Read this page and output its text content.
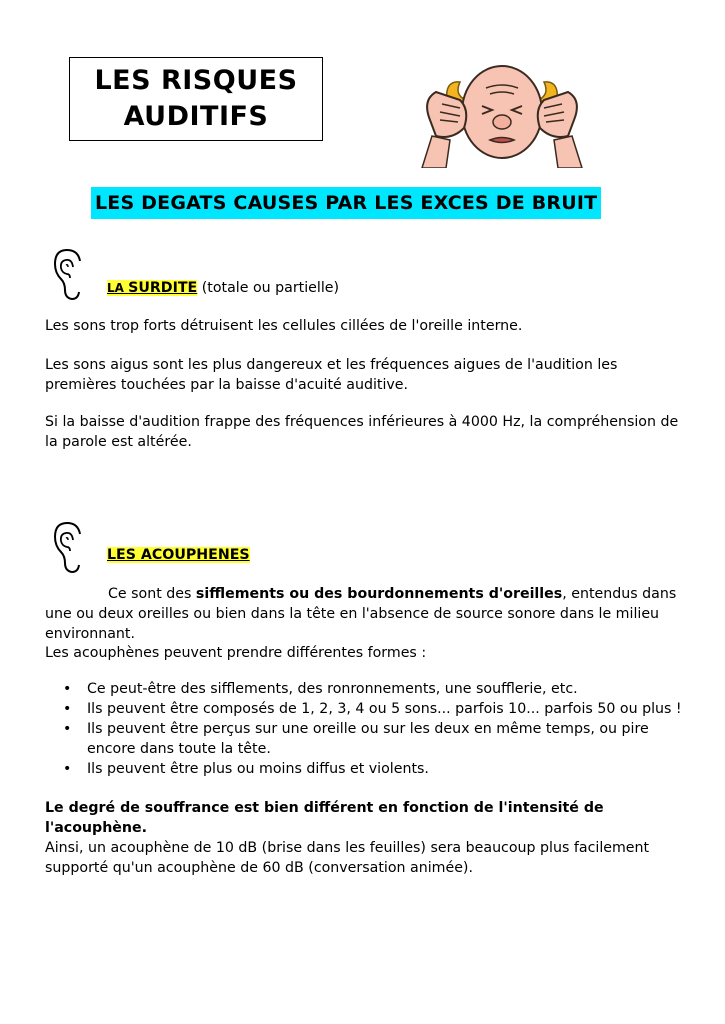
LES RISQUES
AUDITIFS
LES DEGATS CAUSES PAR LES EXCES DE BRUIT
LA SURDITE (totale ou partielle)
Les sons trop forts détruisent les cellules cillées de l'oreille interne.
Les sons aigus sont les plus dangereux et les fréquences aigues de l'audition les premières touchées par la baisse d'acuité auditive.
Si la baisse d'audition frappe des fréquences inférieures à 4000 Hz, la compréhension de la parole est altérée.
LES ACOUPHENES
Ce sont des sifflements ou des bourdonnements d'oreilles, entendus dans une ou deux oreilles ou bien dans la tête en l'absence de source sonore dans le milieu environnant.
Les acouphènes peuvent prendre différentes formes :
• Ce peut-être des sifflements, des ronronnements, une soufflerie, etc.
• Ils peuvent être composés de 1, 2, 3, 4 ou 5 sons... parfois 10... parfois 50 ou plus !
• Ils peuvent être perçus sur une oreille ou sur les deux en même temps, ou pire encore dans toute la tête.
• Ils peuvent être plus ou moins diffus et violents.
Le degré de souffrance est bien différent en fonction de l'intensité de l'acouphène.
Ainsi, un acouphène de 10 dB (brise dans les feuilles) sera beaucoup plus facilement supporté qu'un acouphène de 60 dB (conversation animée).
